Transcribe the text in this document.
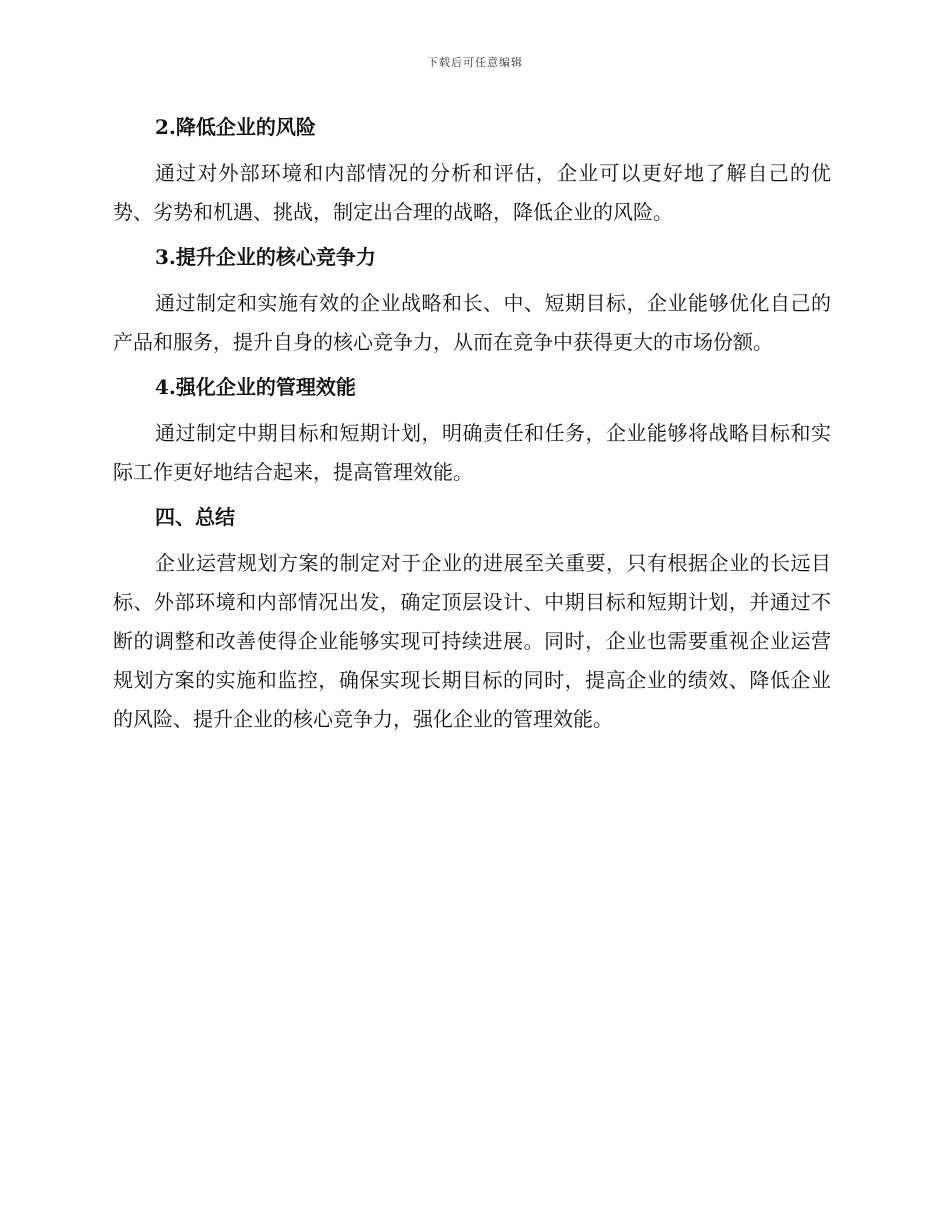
下载后可任意编辑
2.降低企业的风险

通过对外部环境和内部情况的分析和评估，企业可以更好地了解自己的优势、劣势和机遇、挑战，制定出合理的战略，降低企业的风险。

3.提升企业的核心竞争力

通过制定和实施有效的企业战略和长、中、短期目标，企业能够优化自己的产品和服务，提升自身的核心竞争力，从而在竞争中获得更大的市场份额。

4.强化企业的管理效能

通过制定中期目标和短期计划，明确责任和任务，企业能够将战略目标和实际工作更好地结合起来，提高管理效能。

四、总结

企业运营规划方案的制定对于企业的进展至关重要，只有根据企业的长远目标、外部环境和内部情况出发，确定顶层设计、中期目标和短期计划，并通过不断的调整和改善使得企业能够实现可持续进展。同时，企业也需要重视企业运营规划方案的实施和监控，确保实现长期目标的同时，提高企业的绩效、降低企业的风险、提升企业的核心竞争力，强化企业的管理效能。
